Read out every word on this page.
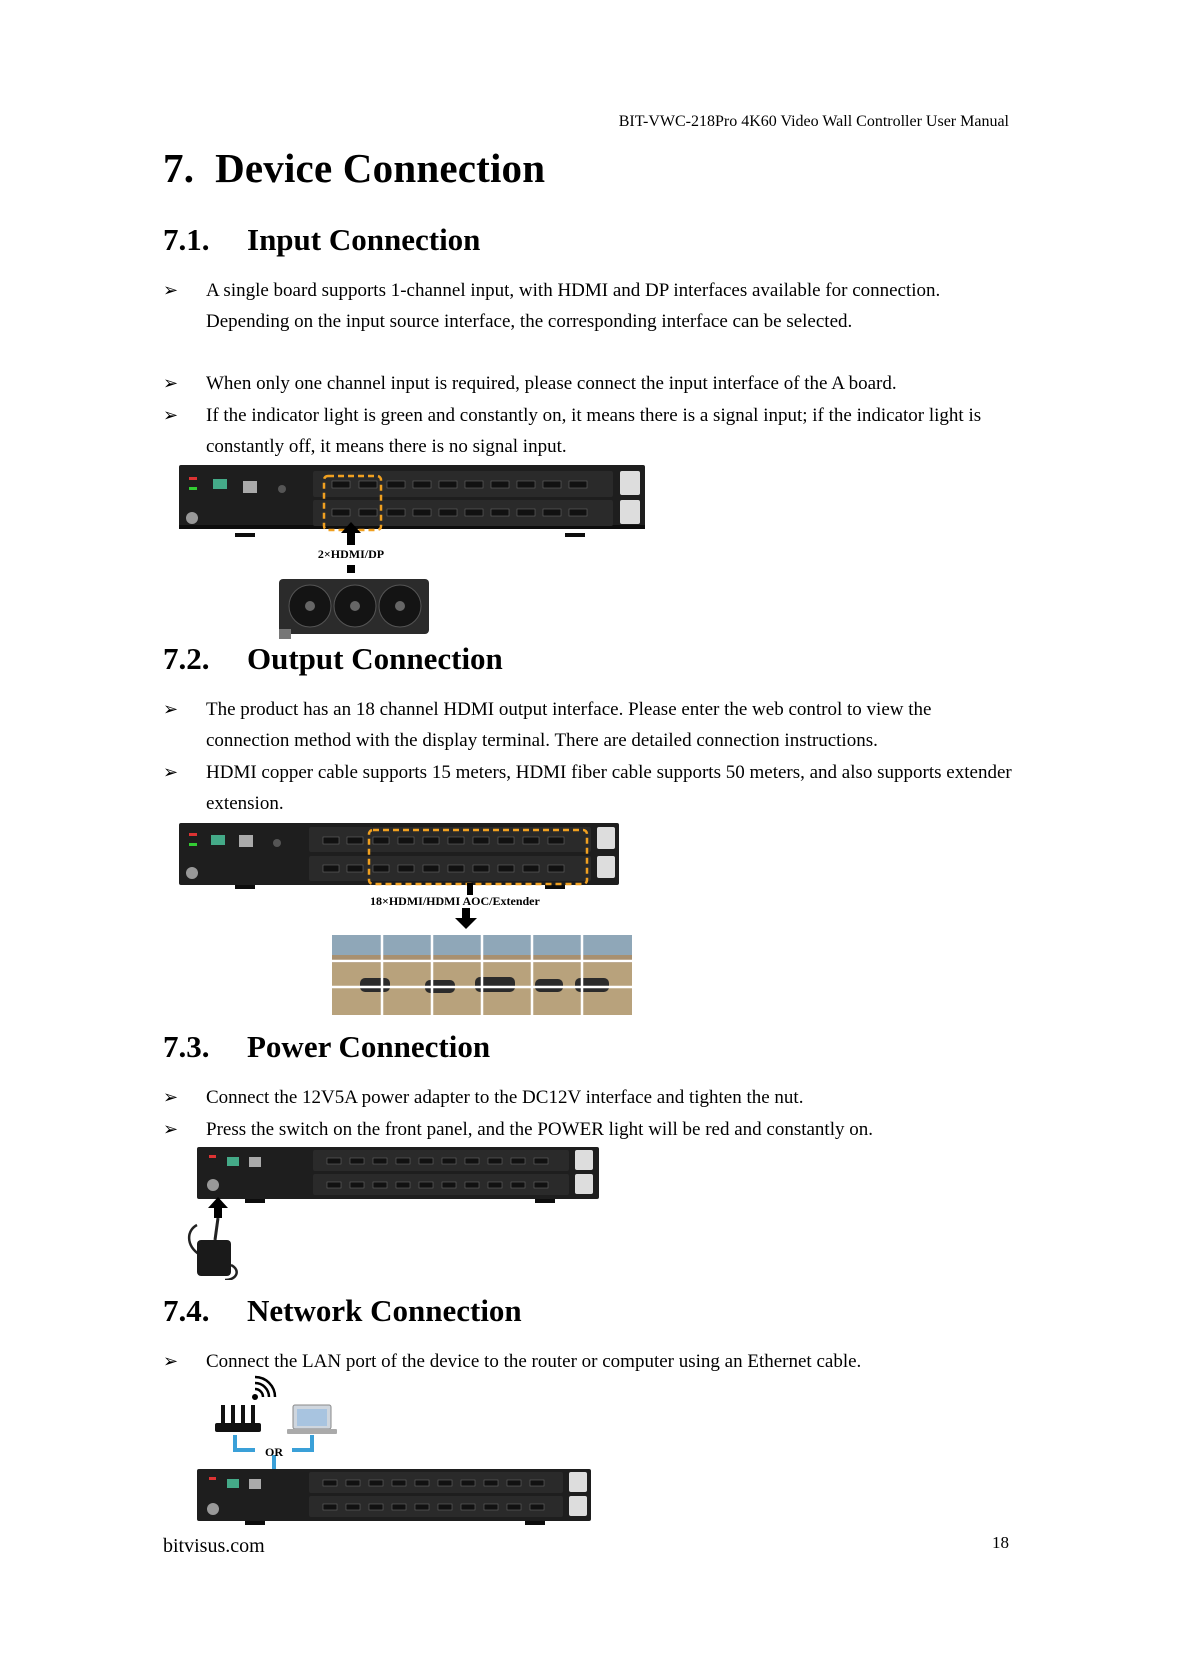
BIT-VWC-218Pro 4K60 Video Wall Controller User Manual
7. Device Connection
7.1. Input Connection
➢	A single board supports 1-channel input, with HDMI and DP interfaces available for connection. Depending on the input source interface, the corresponding interface can be selected.
➢	When only one channel input is required, please connect the input interface of the A board.
➢	If the indicator light is green and constantly on, it means there is a signal input; if the indicator light is constantly off, it means there is no signal input.
2×HDMI/DP
7.2. Output Connection
➢	The product has an 18 channel HDMI output interface. Please enter the web control to view the connection method with the display terminal. There are detailed connection instructions.
➢	HDMI copper cable supports 15 meters, HDMI fiber cable supports 50 meters, and also supports extender extension.
18×HDMI/HDMI AOC/Extender
7.3. Power Connection
➢	Connect the 12V5A power adapter to the DC12V interface and tighten the nut.
➢	Press the switch on the front panel, and the POWER light will be red and constantly on.
7.4. Network Connection
➢	Connect the LAN port of the device to the router or computer using an Ethernet cable.
OR
bitvisus.com	18
